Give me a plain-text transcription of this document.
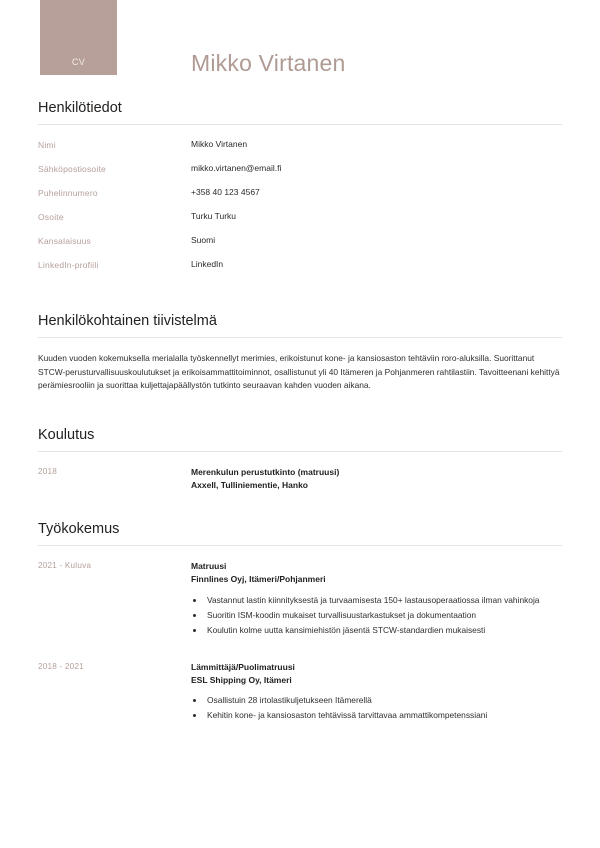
CV	Mikko Virtanen
Henkilötiedot
Nimi	Mikko Virtanen
Sähköpostiosoite	mikko.virtanen@email.fi
Puhelinnumero	+358 40 123 4567
Osoite	Turku Turku
Kansalaisuus	Suomi
LinkedIn-profiili	LinkedIn
Henkilökohtainen tiivistelmä

Kuuden vuoden kokemuksella merialalla työskennellyt merimies, erikoistunut kone- ja kansiosaston tehtäviin roro-aluksilla. Suorittanut STCW-perusturvallisuuskoulutukset ja erikoisammattitoiminnot, osallistunut yli 40 Itämeren ja Pohjanmeren rahtilastiin. Tavoitteenani kehittyä perämiesrooliin ja suorittaa kuljettajapäällystön tutkinto seuraavan kahden vuoden aikana.

Koulutus
2018	Merenkulun perustutkinto (matruusi)
Axxell, Tulliniementie, Hanko
Työkokemus
2021 - Kuluva	Matruusi
Finnlines Oyj, Itämeri/Pohjanmeri
• Vastannut lastin kiinnityksestä ja turvaamisesta 150+ lastausoperaatiossa ilman vahinkoja
• Suoritin ISM-koodin mukaiset turvallisuustarkastukset ja dokumentaation
• Koulutin kolme uutta kansimiehistön jäsentä STCW-standardien mukaisesti
2018 - 2021	Lämmittäjä/Puolimatruusi
ESL Shipping Oy, Itämeri
• Osallistuin 28 irtolastikuljetukseen Itämerellä
• Kehitin kone- ja kansiosaston tehtävissä tarvittavaa ammattikompetenssiani
